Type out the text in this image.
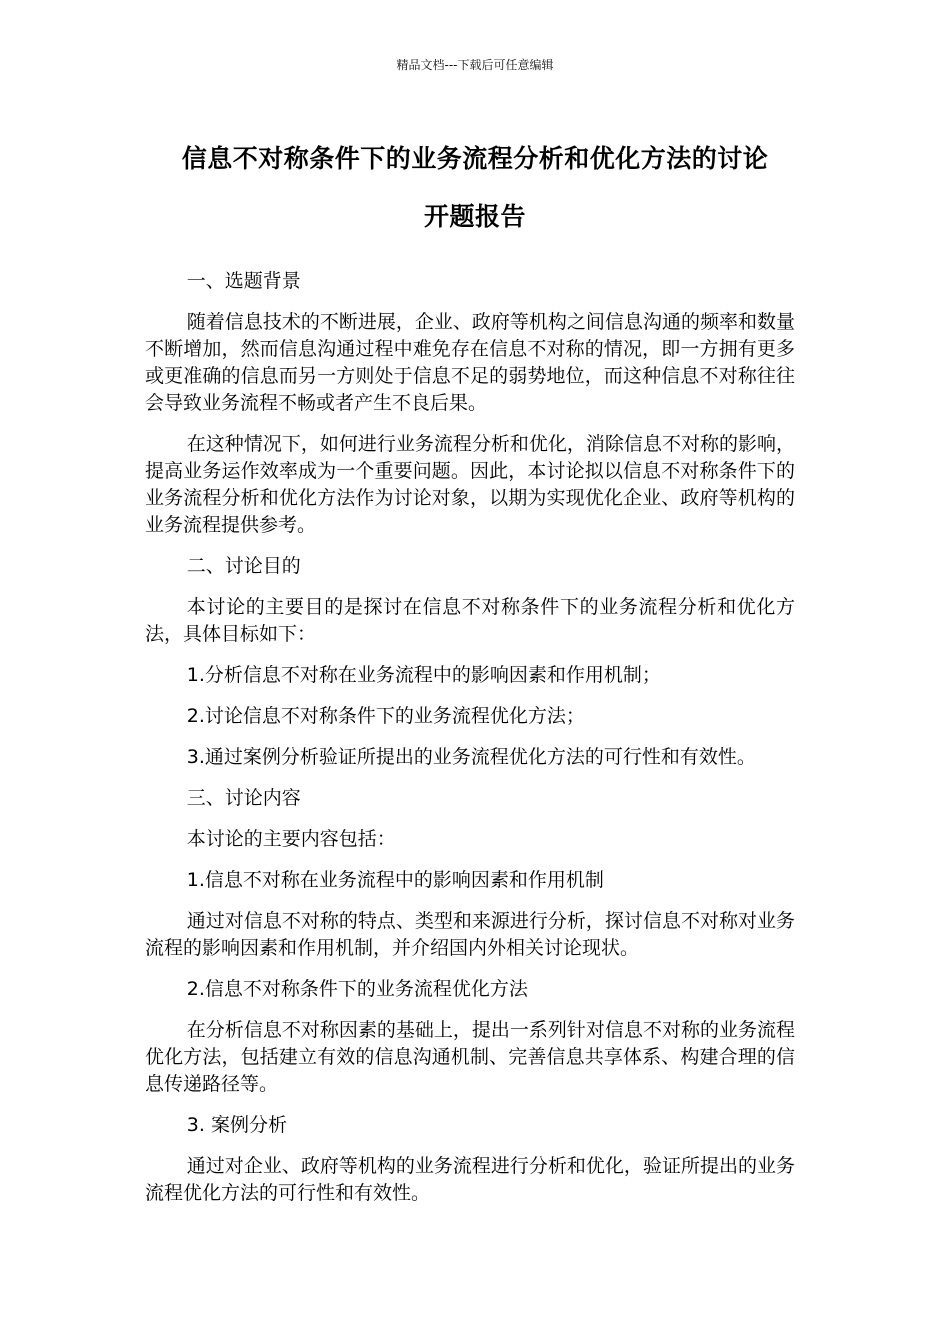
精品文档---下载后可任意编辑
信息不对称条件下的业务流程分析和优化方法的讨论
开题报告

一、选题背景

随着信息技术的不断进展，企业、政府等机构之间信息沟通的频率和数量不断增加，然而信息沟通过程中难免存在信息不对称的情况，即一方拥有更多或更准确的信息而另一方则处于信息不足的弱势地位，而这种信息不对称往往会导致业务流程不畅或者产生不良后果。

在这种情况下，如何进行业务流程分析和优化，消除信息不对称的影响，提高业务运作效率成为一个重要问题。因此，本讨论拟以信息不对称条件下的业务流程分析和优化方法作为讨论对象，以期为实现优化企业、政府等机构的业务流程提供参考。

二、讨论目的

本讨论的主要目的是探讨在信息不对称条件下的业务流程分析和优化方法，具体目标如下：

1.分析信息不对称在业务流程中的影响因素和作用机制；

2.讨论信息不对称条件下的业务流程优化方法；

3.通过案例分析验证所提出的业务流程优化方法的可行性和有效性。

三、讨论内容

本讨论的主要内容包括：

1.信息不对称在业务流程中的影响因素和作用机制

通过对信息不对称的特点、类型和来源进行分析，探讨信息不对称对业务流程的影响因素和作用机制，并介绍国内外相关讨论现状。

2.信息不对称条件下的业务流程优化方法

在分析信息不对称因素的基础上，提出一系列针对信息不对称的业务流程优化方法，包括建立有效的信息沟通机制、完善信息共享体系、构建合理的信息传递路径等。

3. 案例分析

通过对企业、政府等机构的业务流程进行分析和优化，验证所提出的业务流程优化方法的可行性和有效性。
